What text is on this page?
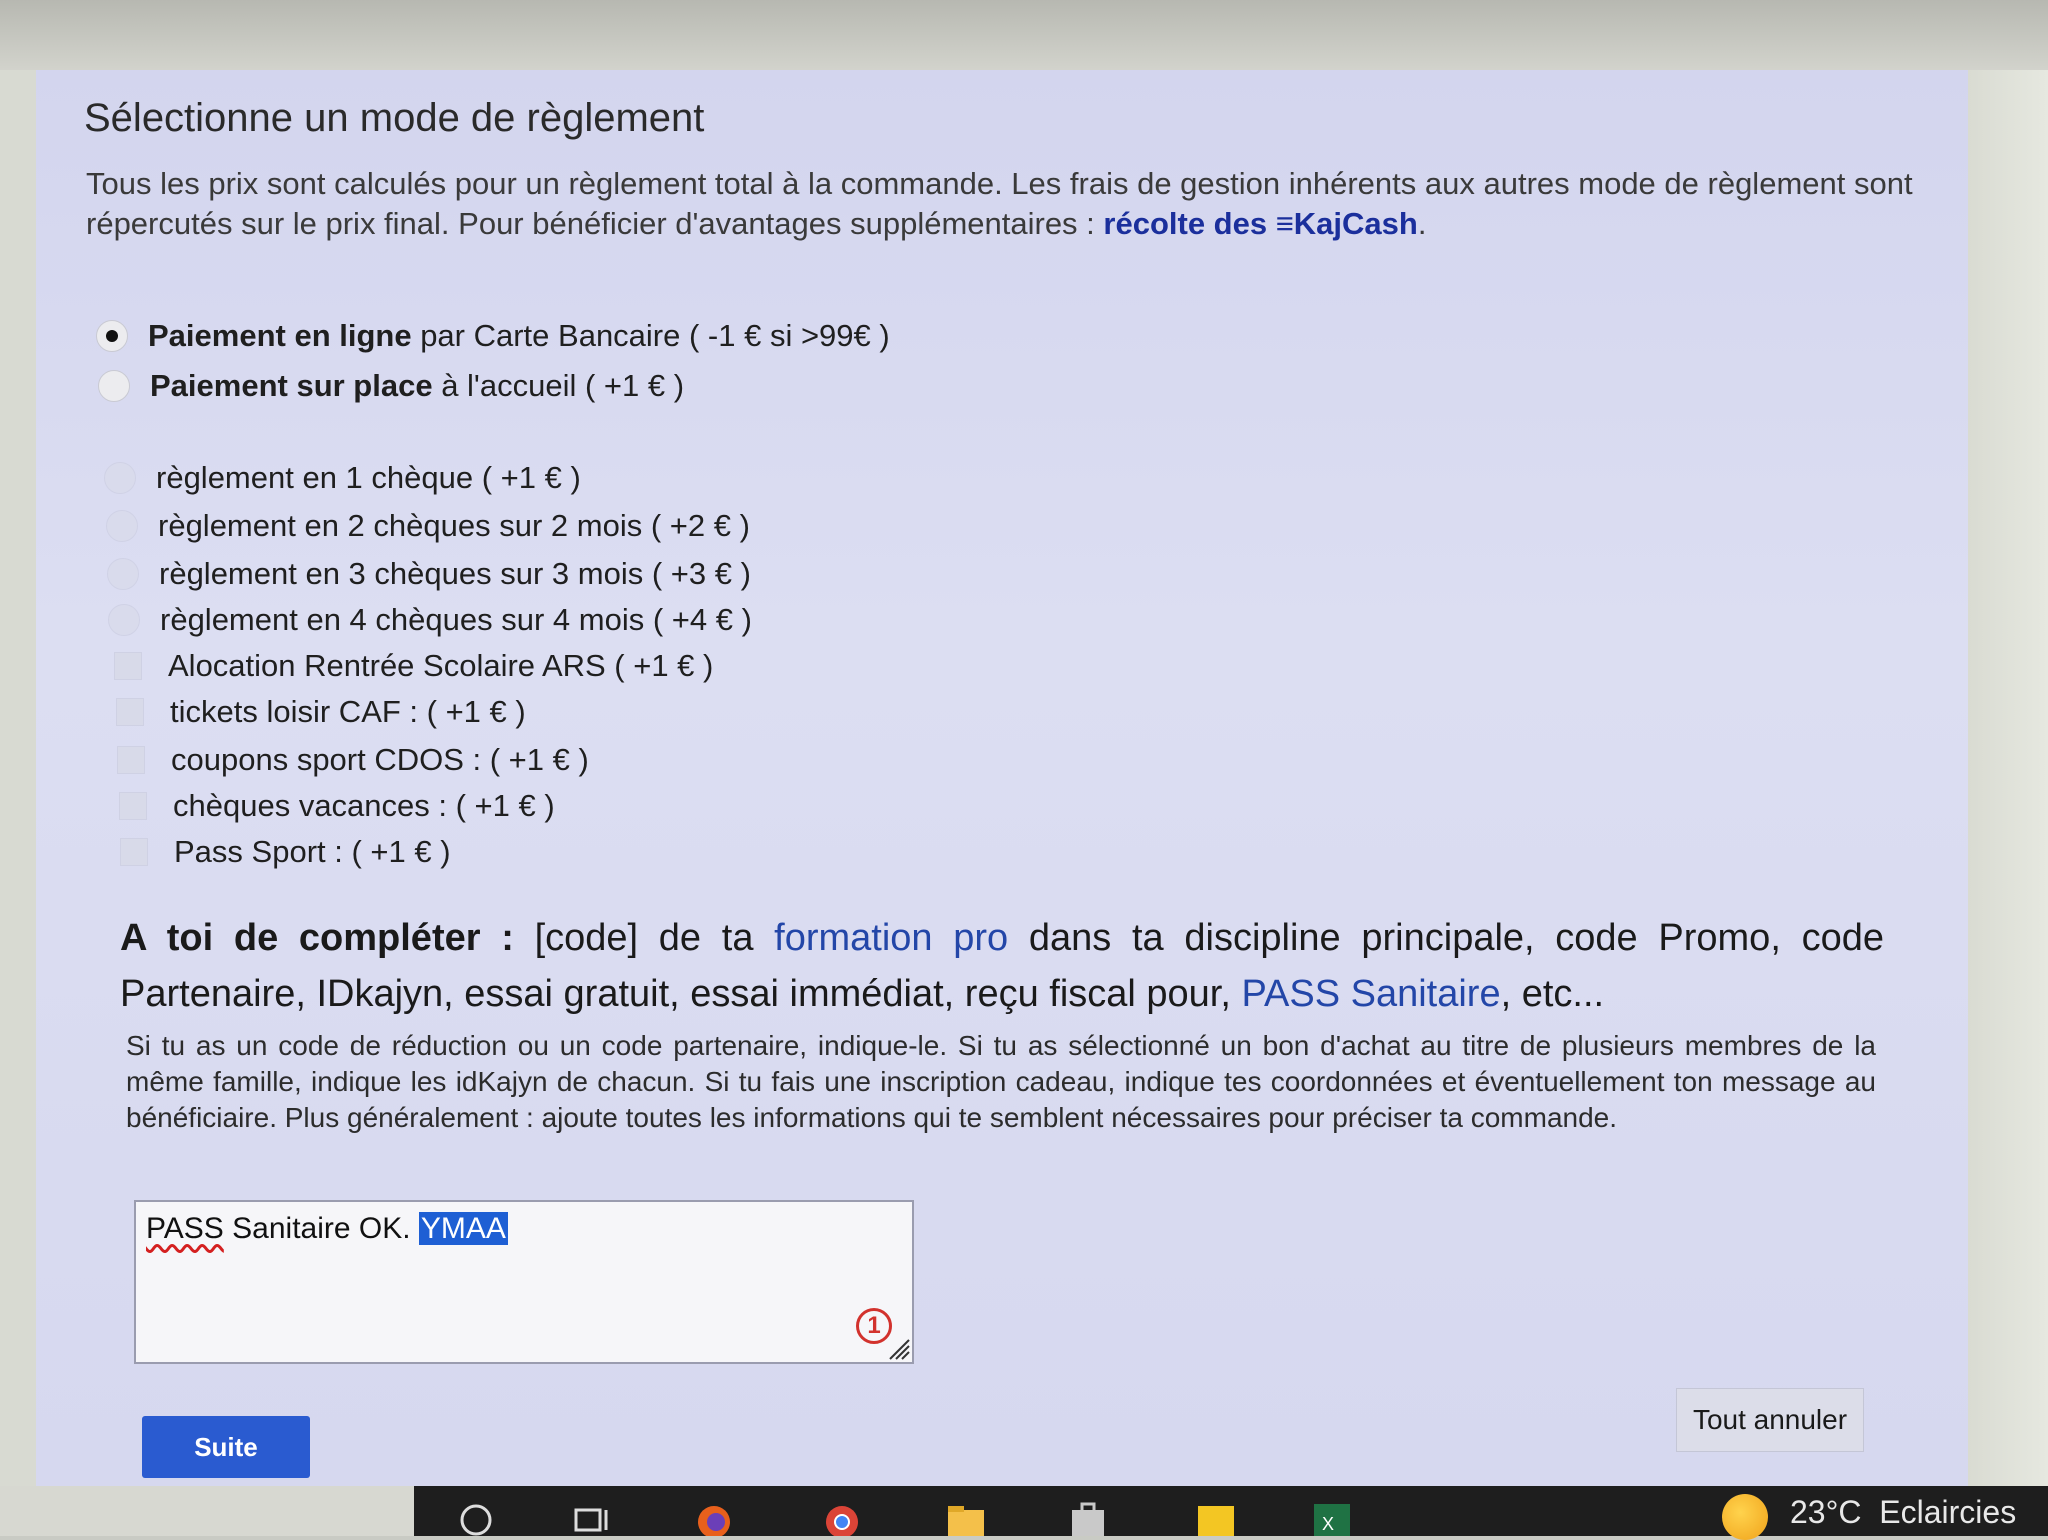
Sélectionne un mode de règlement

Tous les prix sont calculés pour un règlement total à la commande. Les frais de gestion inhérents aux autres mode de règlement sont répercutés sur le prix final. Pour bénéficier d'avantages supplémentaires : récolte des ≡KajCash.

Paiement en ligne par Carte Bancaire ( -1 € si >99€ )
Paiement sur place à l'accueil ( +1 € )
règlement en 1 chèque ( +1 € )
règlement en 2 chèques sur 2 mois ( +2 € )
règlement en 3 chèques sur 3 mois ( +3 € )
règlement en 4 chèques sur 4 mois ( +4 € )
Alocation Rentrée Scolaire ARS ( +1 € )
tickets loisir CAF : ( +1 € )
coupons sport CDOS : ( +1 € )
chèques vacances : ( +1 € )
Pass Sport : ( +1 € )

A toi de compléter : [code] de ta formation pro dans ta discipline principale, code Promo, code Partenaire, IDkajyn, essai gratuit, essai immédiat, reçu fiscal pour, PASS Sanitaire, etc...

Si tu as un code de réduction ou un code partenaire, indique-le. Si tu as sélectionné un bon d'achat au titre de plusieurs membres de la même famille, indique les idKajyn de chacun. Si tu fais une inscription cadeau, indique tes coordonnées et éventuellement ton message au bénéficiaire. Plus généralement : ajoute toutes les informations qui te semblent nécessaires pour préciser ta commande.

PASS Sanitaire OK. YMAA
1
Suite
Tout annuler
X	23°C  Eclaircies
